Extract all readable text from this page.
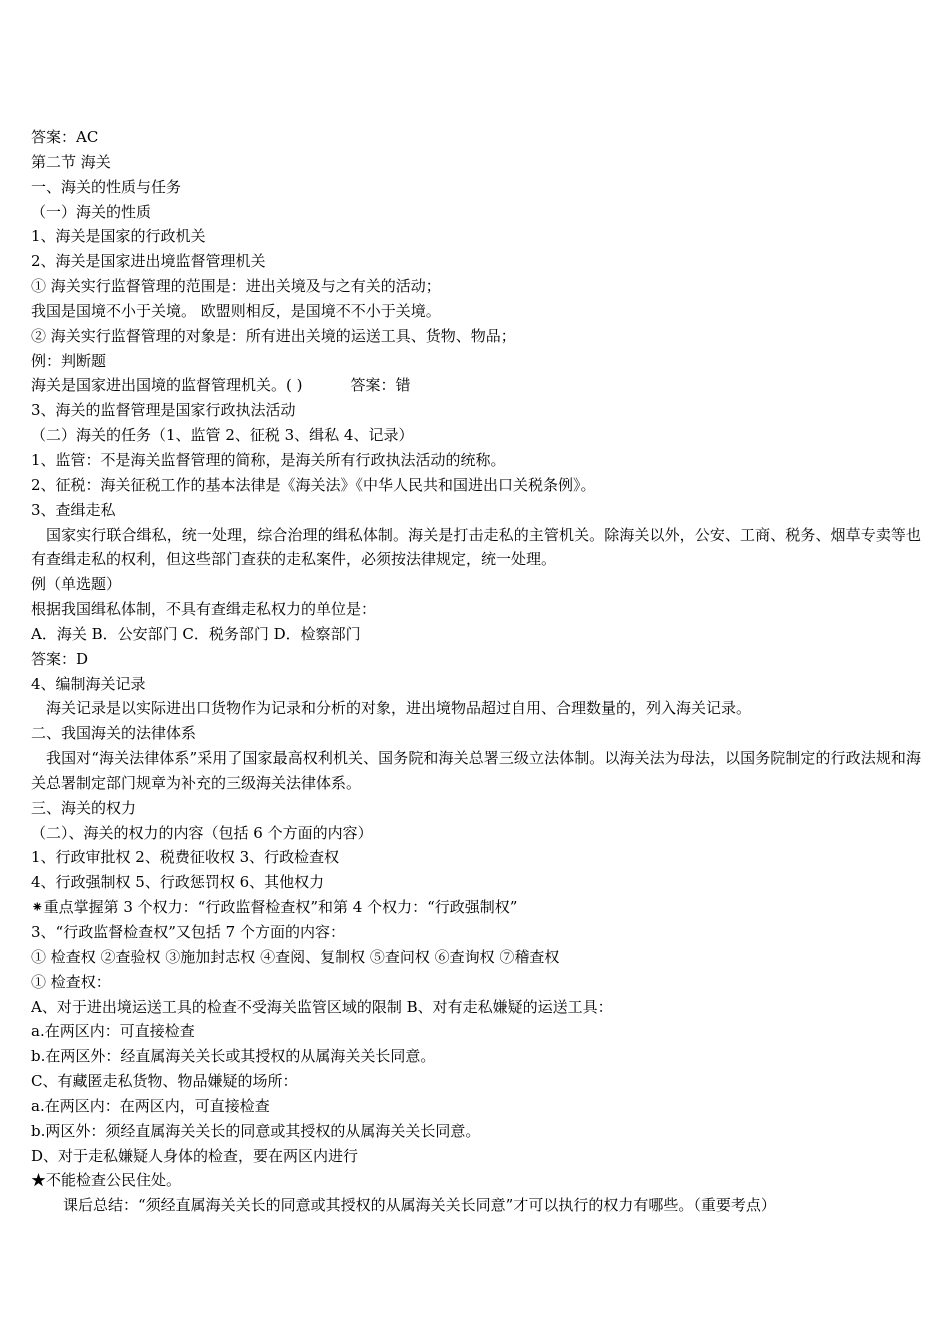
答案：AC
第二节 海关
一、海关的性质与任务
（一）海关的性质
1、海关是国家的行政机关
2、海关是国家进出境监督管理机关
① 海关实行监督管理的范围是：进出关境及与之有关的活动；
我国是国境不小于关境。 欧盟则相反，是国境不不小于关境。
② 海关实行监督管理的对象是：所有进出关境的运送工具、货物、物品；
例：判断题
海关是国家进出国境的监督管理机关。( )	答案：错
3、海关的监督管理是国家行政执法活动
（二）海关的任务（1、监管 2、征税 3、缉私 4、记录）
1、监管：不是海关监督管理的简称，是海关所有行政执法活动的统称。
2、征税：海关征税工作的基本法律是《海关法》《中华人民共和国进出口关税条例》。
3、查缉走私
国家实行联合缉私，统一处理，综合治理的缉私体制。海关是打击走私的主管机关。除海关以外，公安、工商、税务、烟草专卖等也有查缉走私的权利，但这些部门查获的走私案件，必须按法律规定，统一处理。
例（单选题）
根据我国缉私体制，不具有查缉走私权力的单位是：
A．海关 B．公安部门 C．税务部门 D．检察部门
答案：D
4、编制海关记录
海关记录是以实际进出口货物作为记录和分析的对象，进出境物品超过自用、合理数量的，列入海关记录。
二、我国海关的法律体系
我国对“海关法律体系”采用了国家最高权利机关、国务院和海关总署三级立法体制。以海关法为母法，以国务院制定的行政法规和海关总署制定部门规章为补充的三级海关法律体系。
三、海关的权力
（二）、海关的权力的内容（包括 6 个方面的内容）
1、行政审批权 2、税费征收权 3、行政检查权
4、行政强制权 5、行政惩罚权 6、其他权力
⁕重点掌握第 3 个权力：“行政监督检查权”和第 4 个权力：“行政强制权”
3、“行政监督检查权”又包括 7 个方面的内容：
① 检查权 ②查验权 ③施加封志权 ④查阅、复制权 ⑤查问权 ⑥查询权 ⑦稽查权
① 检查权：
A、对于进出境运送工具的检查不受海关监管区域的限制 B、对有走私嫌疑的运送工具：
a.在两区内：可直接检查
b.在两区外：经直属海关关长或其授权的从属海关关长同意。
C、有藏匿走私货物、物品嫌疑的场所：
a.在两区内：在两区内，可直接检查
b.两区外：须经直属海关关长的同意或其授权的从属海关关长同意。
D、对于走私嫌疑人身体的检查，要在两区内进行
★不能检查公民住处。
课后总结：“须经直属海关关长的同意或其授权的从属海关关长同意”才可以执行的权力有哪些。（重要考点）
